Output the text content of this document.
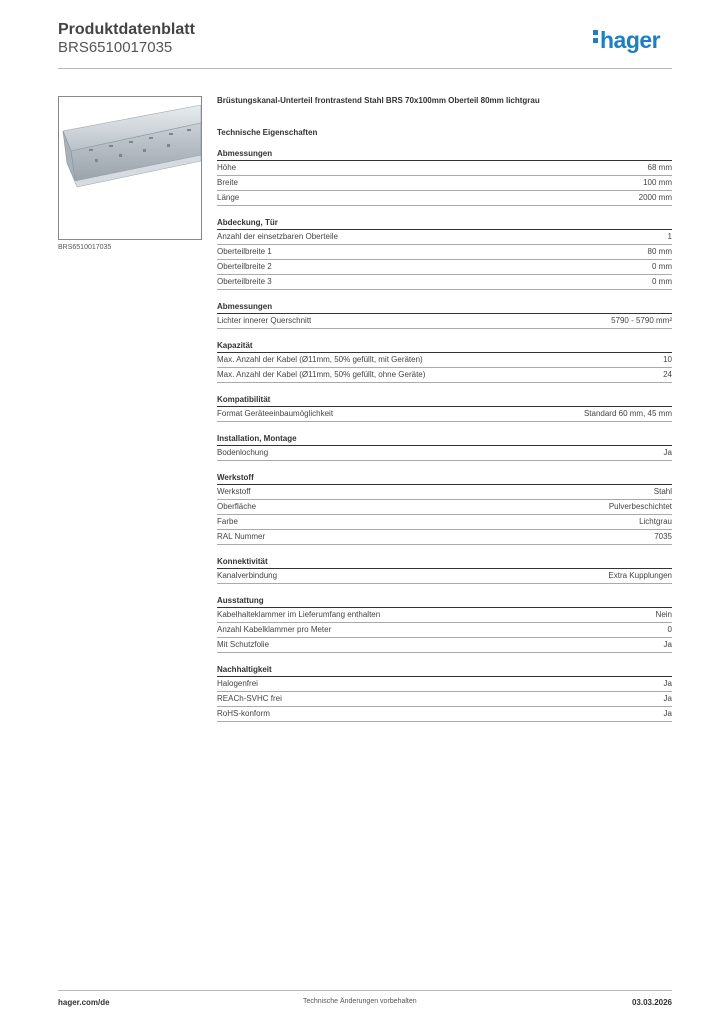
Produktdatenblatt
BRS6510017035	hager
BRS6510017035
Brüstungskanal-Unterteil frontrastend Stahl BRS 70x100mm Oberteil 80mm lichtgrau
Technische Eigenschaften
Abmessungen
Höhe	68 mm
Breite	100 mm
Länge	2000 mm
Abdeckung, Tür
Anzahl der einsetzbaren Oberteile	1
Oberteilbreite 1	80 mm
Oberteilbreite 2	0 mm
Oberteilbreite 3	0 mm
Abmessungen
Lichter innerer Querschnitt	5790 - 5790 mm²
Kapazität
Max. Anzahl der Kabel (Ø11mm, 50% gefüllt, mit Geräten)	10
Max. Anzahl der Kabel (Ø11mm, 50% gefüllt, ohne Geräte)	24
Kompatibilität
Format Geräteeinbaumöglichkeit	Standard 60 mm, 45 mm
Installation, Montage
Bodenlochung	Ja
Werkstoff
Werkstoff	Stahl
Oberfläche	Pulverbeschichtet
Farbe	Lichtgrau
RAL Nummer	7035
Konnektivität
Kanalverbindung	Extra Kupplungen
Ausstattung
Kabelhalteklammer im Lieferumfang enthalten	Nein
Anzahl Kabelklammer pro Meter	0
Mit Schutzfolie	Ja
Nachhaltigkeit
Halogenfrei	Ja
REACh-SVHC frei	Ja
RoHS-konform	Ja
hager.com/de	Technische Änderungen vorbehalten	03.03.2026
